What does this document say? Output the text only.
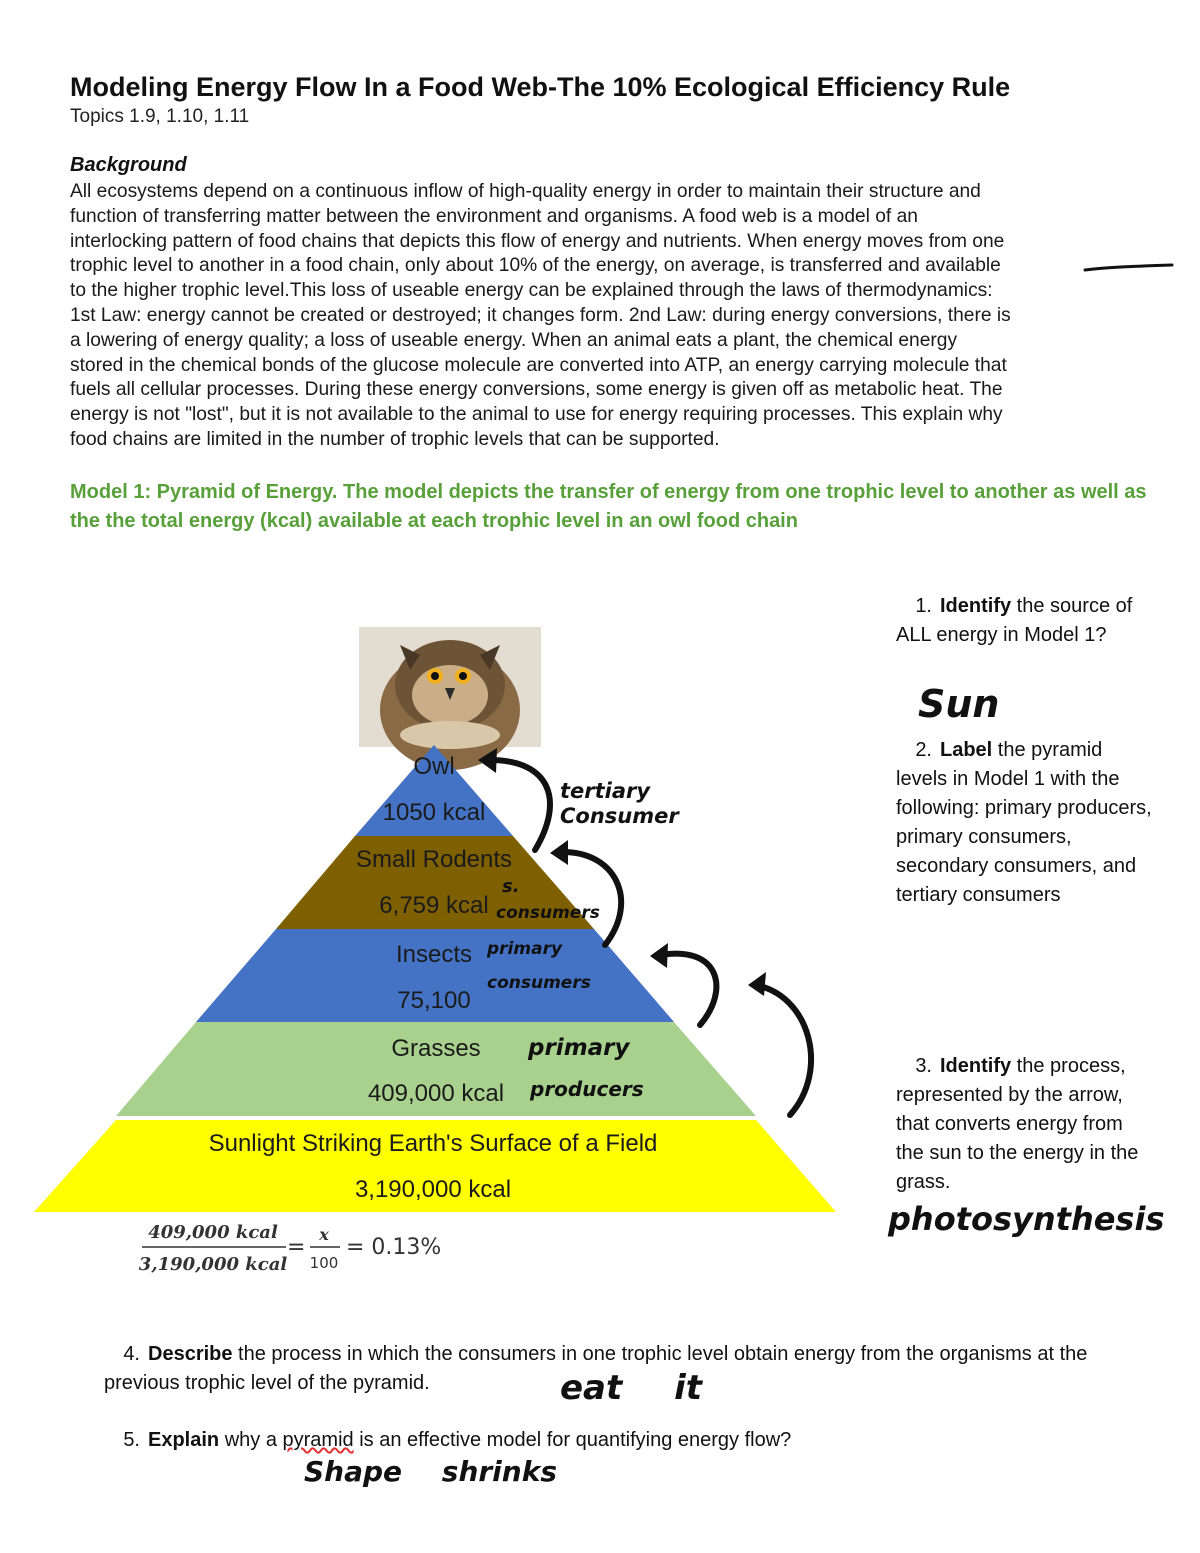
Modeling Energy Flow In a Food Web-The 10% Ecological Efficiency Rule
Topics 1.9, 1.10, 1.11
Background
All ecosystems depend on a continuous inflow of high-quality energy in order to maintain their structure and
function of transferring matter between the environment and organisms. A food web is a model of an
interlocking pattern of food chains that depicts this flow of energy and nutrients. When energy moves from one
trophic level to another in a food chain, only about 10% of the energy, on average, is transferred and available
to the higher trophic level.This loss of useable energy can be explained through the laws of thermodynamics:
1st Law: energy cannot be created or destroyed; it changes form. 2nd Law: during energy conversions, there is
a lowering of energy quality; a loss of useable energy. When an animal eats a plant, the chemical energy
stored in the chemical bonds of the glucose molecule are converted into ATP, an energy carrying molecule that
fuels all cellular processes. During these energy conversions, some energy is given off as metabolic heat. The
energy is not "lost", but it is not available to the animal to use for energy requiring processes. This explain why
food chains are limited in the number of trophic levels that can be supported.
Model 1: Pyramid of Energy. The model depicts the transfer of energy from one trophic level to another as well as the the total energy (kcal) available at each trophic level in an owl food chain
Owl
1050 kcal
Small Rodents
6,759 kcal
Insects
75,100
Grasses
409,000 kcal
Sunlight Striking Earth's Surface of a Field
3,190,000 kcal
tertiary
Consumer
s.
consumers
primary
consumers
primary
producers
409,000 kcal
3,190,000 kcal
=
x
100
= 0.13%
1. Identify the source of ALL energy in Model 1?
Sun
2. Label the pyramid levels in Model 1 with the following: primary producers, primary consumers, secondary consumers, and tertiary consumers
3. Identify the process, represented by the arrow, that converts energy from the sun to the energy in the grass.
photosynthesis
4. Describe the process in which the consumers in one trophic level obtain energy from the organisms at the previous trophic level of the pyramid.	eat it
5. Explain why a pyramid is an effective model for quantifying energy flow?
Shape shrinks
